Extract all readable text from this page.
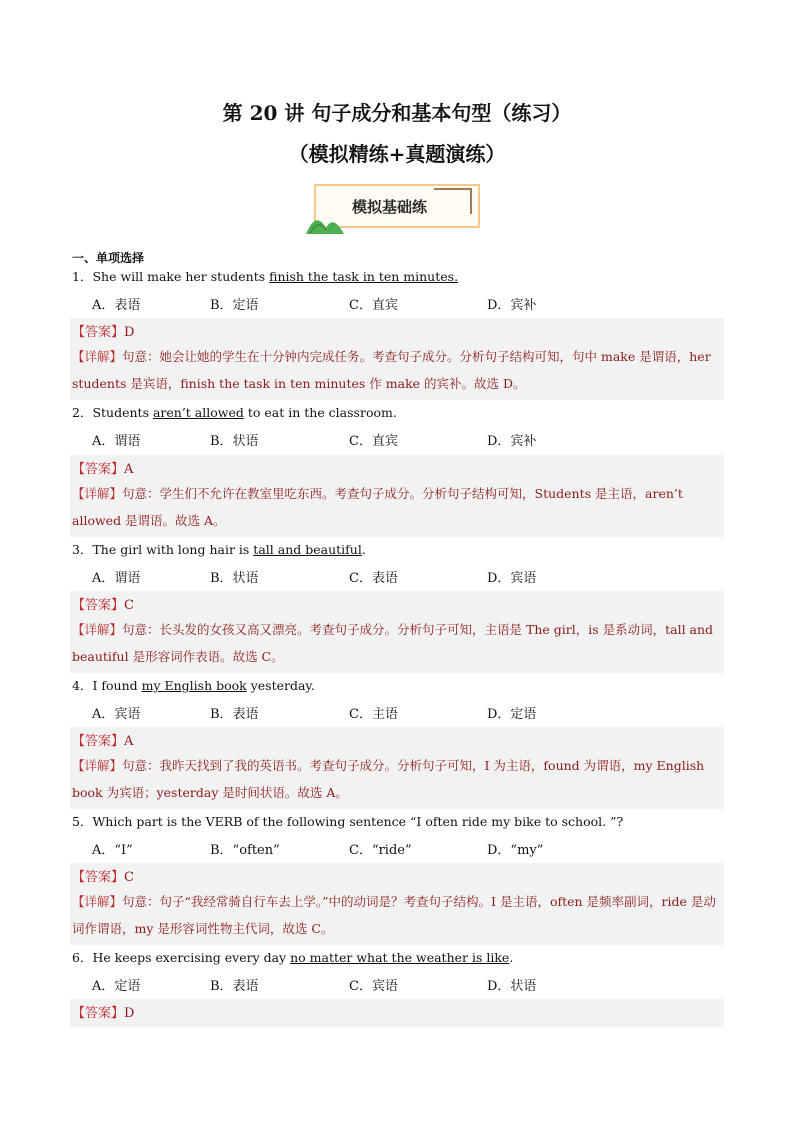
第 20 讲 句子成分和基本句型（练习）
（模拟精练+真题演练）
模拟基础练
一、单项选择
1．She will make her students finish the task in ten minutes.
A．表语	B．定语	C．直宾	D．宾补
【答案】D
【详解】句意：她会让她的学生在十分钟内完成任务。考查句子成分。分析句子结构可知，句中 make 是谓语，her students 是宾语，finish the task in ten minutes 作 make 的宾补。故选 D。
2．Students aren’t allowed to eat in the classroom.
A．谓语	B．状语	C．直宾	D．宾补
【答案】A
【详解】句意：学生们不允许在教室里吃东西。考查句子成分。分析句子结构可知，Students 是主语，aren’t allowed 是谓语。故选 A。
3．The girl with long hair is tall and beautiful.
A．谓语	B．状语	C．表语	D．宾语
【答案】C
【详解】句意：长头发的女孩又高又漂亮。考查句子成分。分析句子可知，主语是 The girl，is 是系动词，tall and beautiful 是形容词作表语。故选 C。
4．I found my English book yesterday.
A．宾语	B．表语	C．主语	D．定语
【答案】A
【详解】句意：我昨天找到了我的英语书。考查句子成分。分析句子可知，I 为主语，found 为谓语，my English book 为宾语；yesterday 是时间状语。故选 A。
5．Which part is the VERB of the following sentence “I often ride my bike to school. ”?
A．“I”	B．“often”	C．“ride”	D．“my”
【答案】C
【详解】句意：句子“我经常骑自行车去上学。”中的动词是？考查句子结构。I 是主语，often 是频率副词，ride 是动词作谓语，my 是形容词性物主代词，故选 C。
6．He keeps exercising every day no matter what the weather is like.
A．定语	B．表语	C．宾语	D．状语
【答案】D
